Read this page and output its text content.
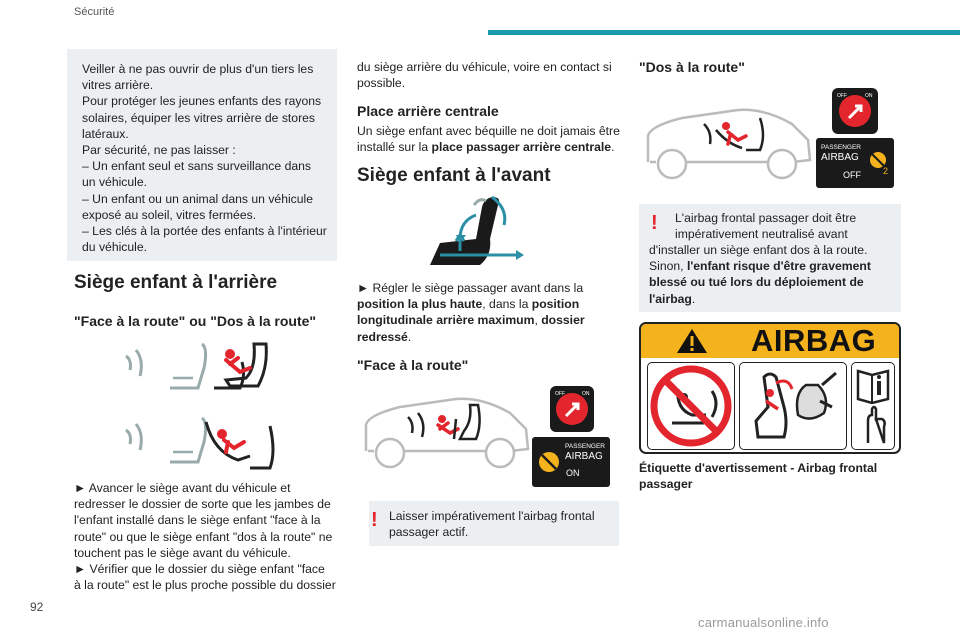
Sécurité
Veiller à ne pas ouvrir de plus d'un tiers les
vitres arrière.
Pour protéger les jeunes enfants des rayons
solaires, équiper les vitres arrière de stores
latéraux.
Par sécurité, ne pas laisser :
– Un enfant seul et sans surveillance dans
un véhicule.
– Un enfant ou un animal dans un véhicule
exposé au soleil, vitres fermées.
– Les clés à la portée des enfants à l'intérieur
du véhicule.
Siège enfant à l'arrière
"Face à la route" ou "Dos à la route"
► Avancer le siège avant du véhicule et
redresser le dossier de sorte que les jambes de
l'enfant installé dans le siège enfant "face à la
route" ou que le siège enfant "dos à la route" ne
touchent pas le siège avant du véhicule.
► Vérifier que le dossier du siège enfant "face
à la route" est le plus proche possible du dossier
92
du siège arrière du véhicule, voire en contact si
possible.
Place arrière centrale
Un siège enfant avec béquille ne doit jamais être
installé sur la place passager arrière centrale.
Siège enfant à l'avant
► Régler le siège passager avant dans la
position la plus haute, dans la position
longitudinale arrière maximum, dossier
redressé.
"Face à la route"
OFF	ON
PASSENGER
AIRBAG
ON
! Laisser impérativement l'airbag frontal
passager actif.
"Dos à la route"
OFF	ON
PASSENGER
AIRBAG
OFF 2
! L'airbag frontal passager doit être
impérativement neutralisé avant
d'installer un siège enfant dos à la route.
Sinon, l'enfant risque d'être gravement
blessé ou tué lors du déploiement de
l'airbag.
AIRBAG
Étiquette d'avertissement - Airbag frontal
passager
carmanualsonline.info
